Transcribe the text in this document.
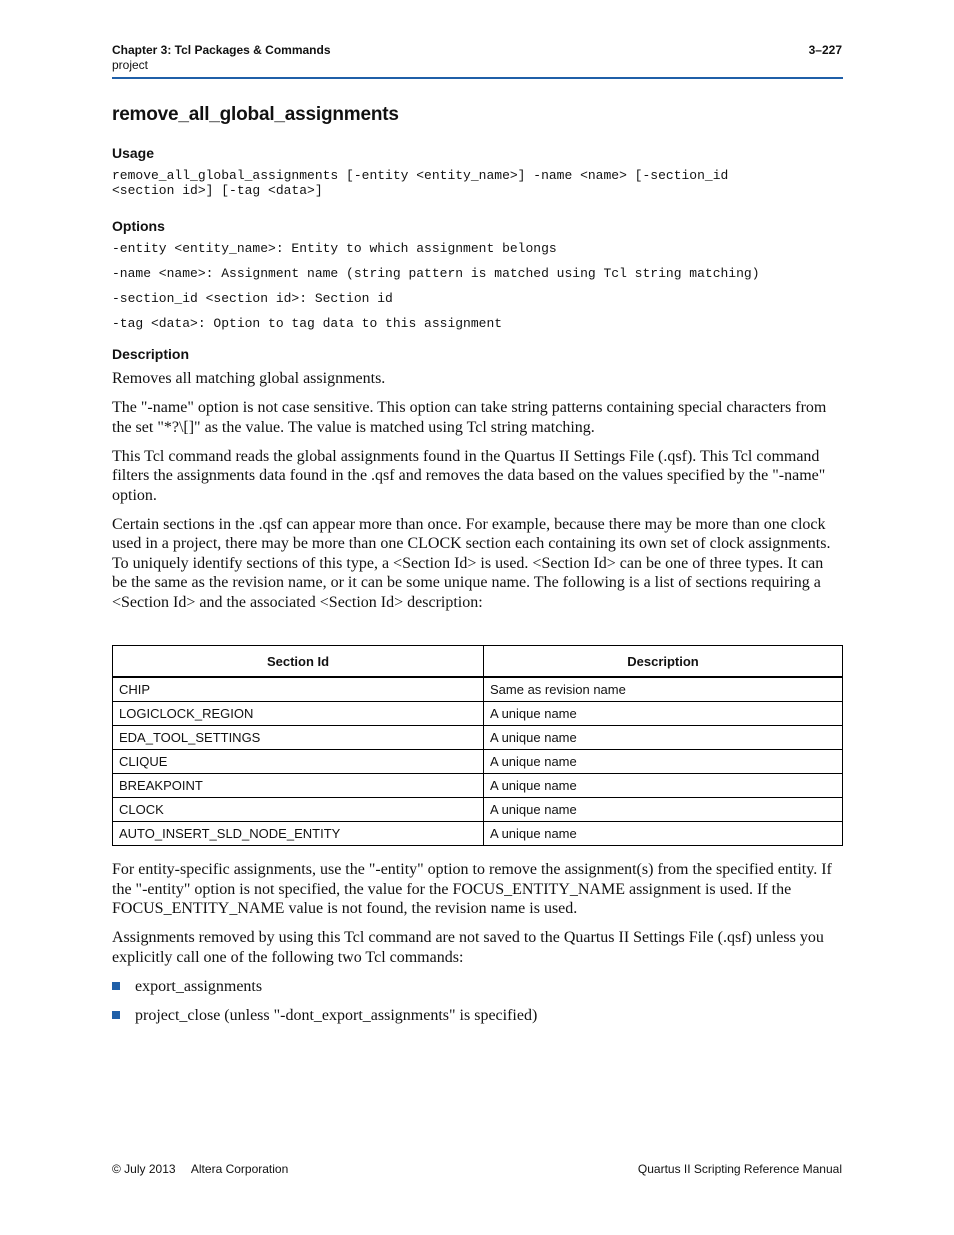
Chapter 3: Tcl Packages & Commands
project
3–227
remove_all_global_assignments
Usage
remove_all_global_assignments [-entity <entity_name>] -name <name> [-section_id
<section id>] [-tag <data>]
Options
-entity <entity_name>: Entity to which assignment belongs
-name <name>: Assignment name (string pattern is matched using Tcl string matching)
-section_id <section id>: Section id
-tag <data>: Option to tag data to this assignment
Description

Removes all matching global assignments.

The "-name" option is not case sensitive. This option can take string patterns containing special characters from the set "*?\[]" as the value. The value is matched using Tcl string matching.

This Tcl command reads the global assignments found in the Quartus II Settings File (.qsf). This Tcl command filters the assignments data found in the .qsf and removes the data based on the values specified by the "-name" option.

Certain sections in the .qsf can appear more than once. For example, because there may be more than one clock used in a project, there may be more than one CLOCK section each containing its own set of clock assignments. To uniquely identify sections of this type, a <Section Id> is used. <Section Id> can be one of three types. It can be the same as the revision name, or it can be some unique name. The following is a list of sections requiring a <Section Id> and the associated <Section Id> description:

Section Id	Description
CHIP	Same as revision name
LOGICLOCK_REGION	A unique name
EDA_TOOL_SETTINGS	A unique name
CLIQUE	A unique name
BREAKPOINT	A unique name
CLOCK	A unique name
AUTO_INSERT_SLD_NODE_ENTITY	A unique name

For entity-specific assignments, use the "-entity" option to remove the assignment(s) from the specified entity. If the "-entity" option is not specified, the value for the FOCUS_ENTITY_NAME assignment is used. If the FOCUS_ENTITY_NAME value is not found, the revision name is used.

Assignments removed by using this Tcl command are not saved to the Quartus II Settings File (.qsf) unless you explicitly call one of the following two Tcl commands:

export_assignments
project_close (unless "-dont_export_assignments" is specified)
© July 2013 Altera Corporation	Quartus II Scripting Reference Manual
